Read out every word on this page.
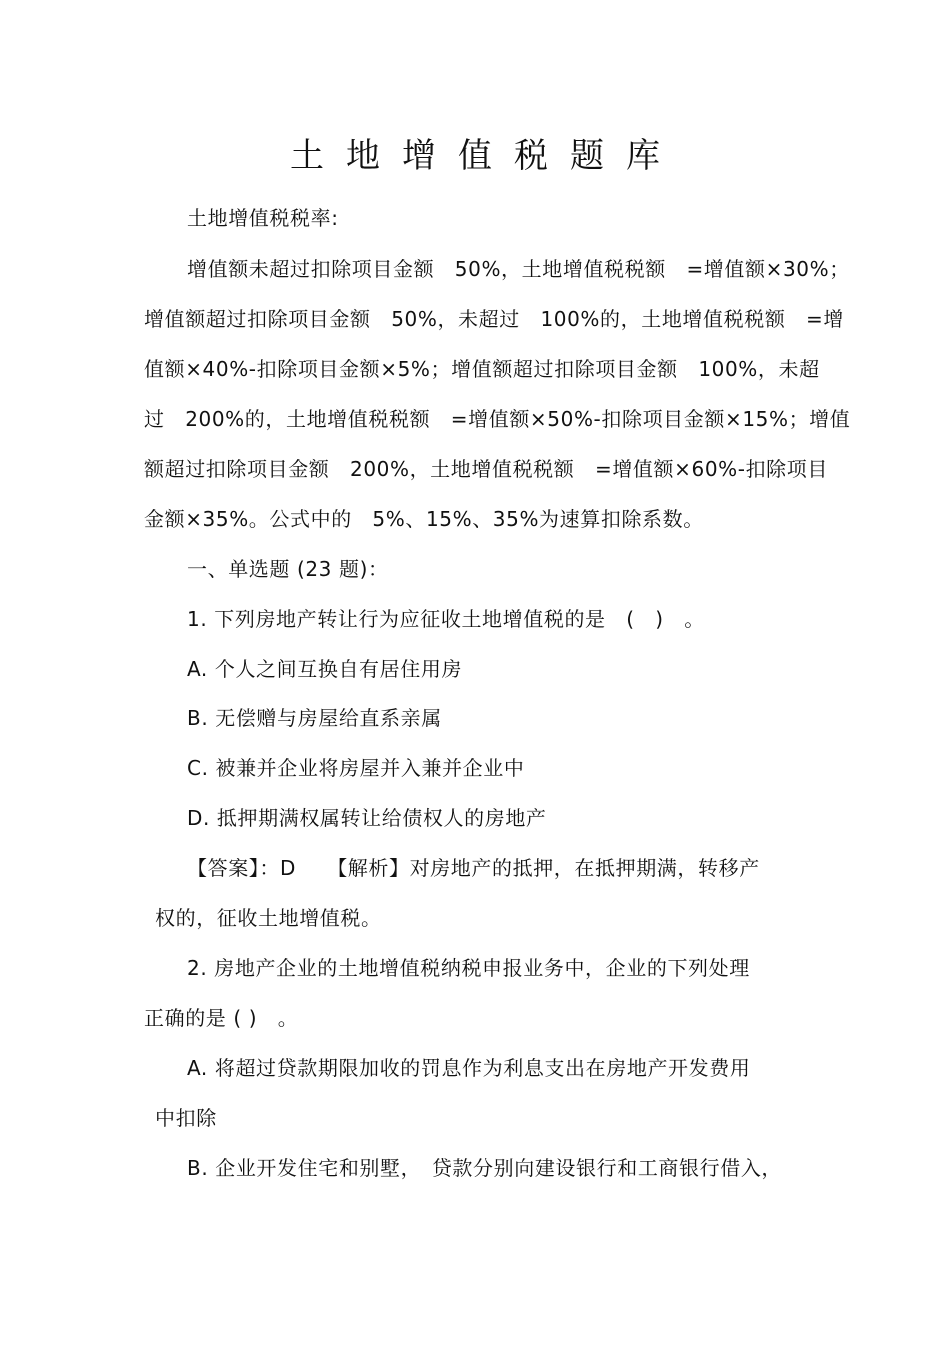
土地增值税题库
土地增值税税率:
增值额未超过扣除项目金额　50%，土地增值税税额　=增值额×30%；
增值额超过扣除项目金额　50%，未超过　100%的，土地增值税税额　=增
值额×40%-扣除项目金额×5%；增值额超过扣除项目金额　100%，未超
过　200%的，土地增值税税额　=增值额×50%-扣除项目金额×15%；增值
额超过扣除项目金额　200%，土地增值税税额　=增值额×60%-扣除项目
金额×35%。公式中的　5%、15%、35%为速算扣除系数。
一、单选题 (23 题)：
1. 下列房地产转让行为应征收土地增值税的是　(　)　。
A. 个人之间互换自有居住用房
B. 无偿赠与房屋给直系亲属
C. 被兼并企业将房屋并入兼并企业中
D. 抵押期满权属转让给债权人的房地产
【答案】：D　　【解析】对房地产的抵押，在抵押期满，转移产
权的，征收土地增值税。
2. 房地产企业的土地增值税纳税申报业务中，企业的下列处理
正确的是 ( )　。
A. 将超过贷款期限加收的罚息作为利息支出在房地产开发费用
中扣除
B. 企业开发住宅和别墅，　贷款分别向建设银行和工商银行借入，
